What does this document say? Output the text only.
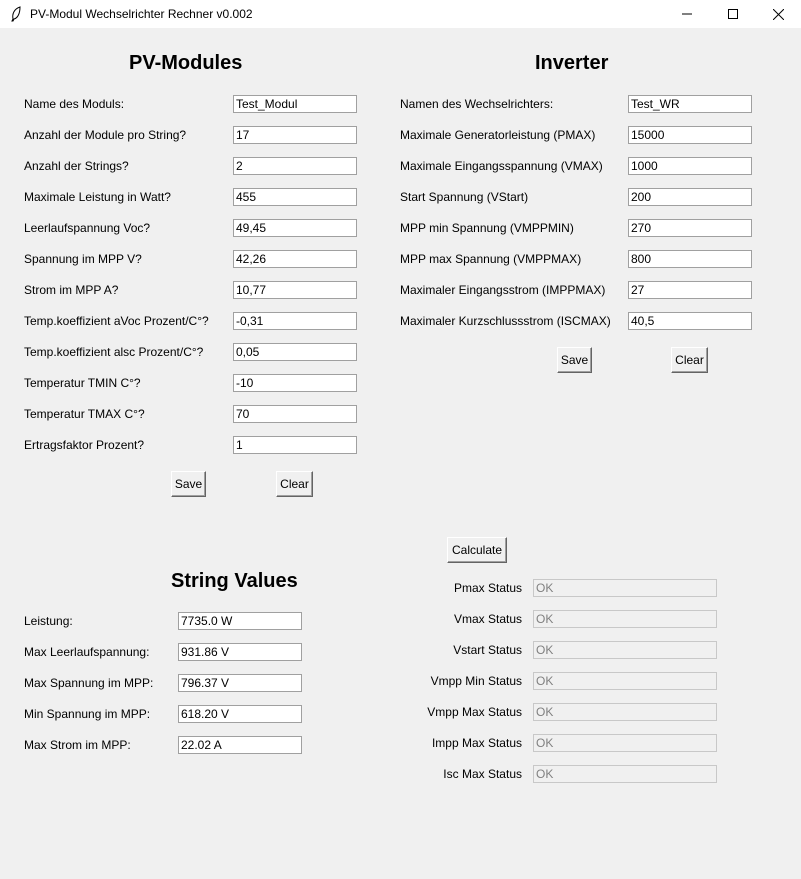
PV-Modul Wechselrichter Rechner v0.002
PV-Modules
Name des Moduls:
Test_Modul
Anzahl der Module pro String?
17
Anzahl der Strings?
2
Maximale Leistung in Watt?
455
Leerlaufspannung Voc?
49,45
Spannung im MPP V?
42,26
Strom im MPP A?
10,77
Temp.koeffizient aVoc Prozent/C°?
-0,31
Temp.koeffizient alsc Prozent/C°?
0,05
Temperatur TMIN C°?
-10
Temperatur TMAX C°?
70
Ertragsfaktor Prozent?
1
Save	Clear
Inverter
Namen des Wechselrichters:
Test_WR
Maximale Generatorleistung (PMAX)
15000
Maximale Eingangsspannung (VMAX)
1000
Start Spannung (VStart)
200
MPP min Spannung (VMPPMIN)
270
MPP max Spannung (VMPPMAX)
800
Maximaler Eingangsstrom (IMPPMAX)
27
Maximaler Kurzschlussstrom (ISCMAX)
40,5
Save	Clear
Calculate
String Values
Leistung:
7735.0 W
Max Leerlaufspannung:
931.86 V
Max Spannung im MPP:
796.37 V
Min Spannung im MPP:
618.20 V
Max Strom im MPP:
22.02 A
Pmax Status
OK
Vmax Status
OK
Vstart Status
OK
Vmpp Min Status
OK
Vmpp Max Status
OK
Impp Max Status
OK
Isc Max Status
OK
